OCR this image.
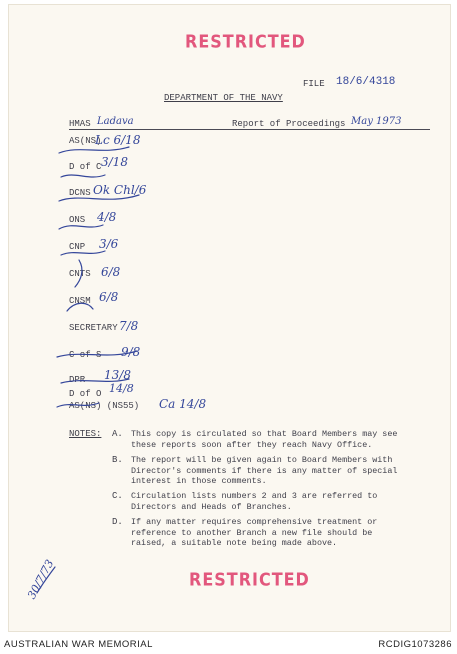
RESTRICTED
FILE 18/6/4318
DEPARTMENT OF THE NAVY
HMAS Ladava	Report of Proceedings May 1973
AS(NS)
Lc 6/18
D of C 3/18
DCNS Ok Chl/6
ONS 4/8
CNP 3/6
CNTS 6/8
CNSM 6/8
SECRETARY 7/8
C of S 9/8
DPR 13/8
D of O 14/8
AS(NS) (NS55) Ca 14/8
NOTES: A. This copy is circulated so that Board Members may see these reports soon after they reach Navy Office.
B. The report will be given again to Board Members with Director's comments if there is any matter of special interest in those comments.
C. Circulation lists numbers 2 and 3 are referred to Directors and Heads of Branches.
D. If any matter requires comprehensive treatment or reference to another Branch a new file should be raised, a suitable note being made above.
RESTRICTED
30/7/73
AUSTRALIAN WAR MEMORIAL	RCDIG1073286
